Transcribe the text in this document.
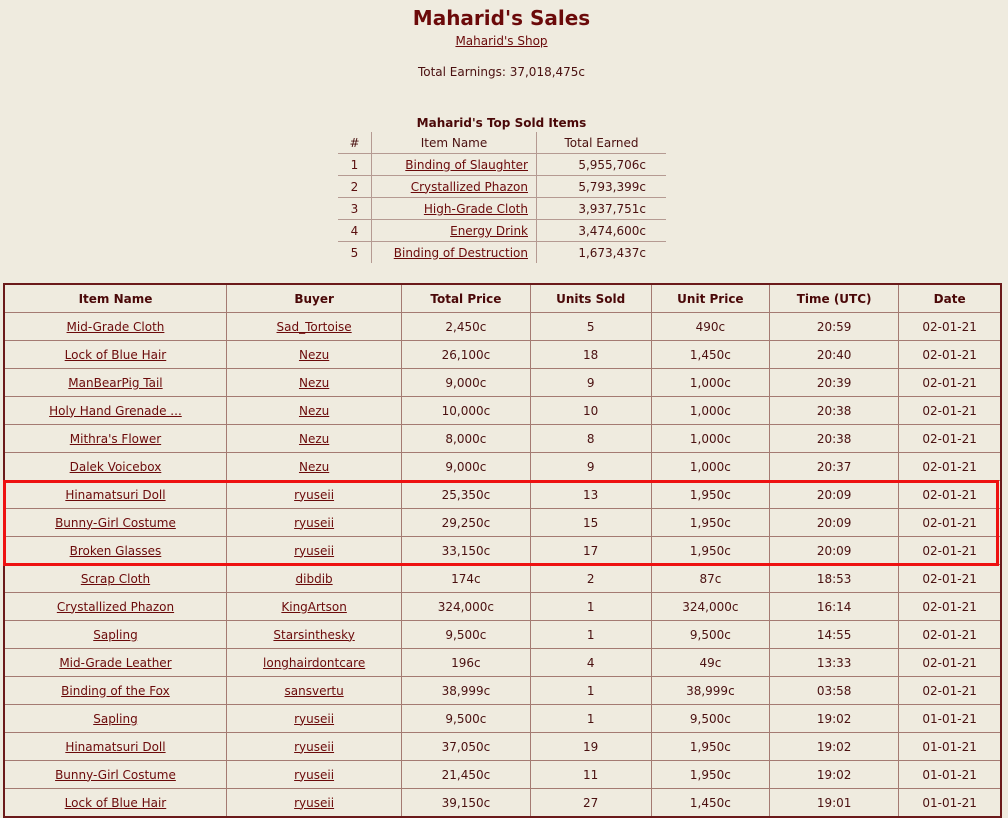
Maharid's Sales
Maharid's Shop
Total Earnings: 37,018,475c
Maharid's Top Sold Items
#	Item Name	Total Earned
1	Binding of Slaughter	5,955,706c
2	Crystallized Phazon	5,793,399c
3	High-Grade Cloth	3,937,751c
4	Energy Drink	3,474,600c
5	Binding of Destruction	1,673,437c
Item Name	Buyer	Total Price	Units Sold	Unit Price	Time (UTC)	Date
Mid-Grade Cloth	Sad_Tortoise	2,450c	5	490c	20:59	02-01-21
Lock of Blue Hair	Nezu	26,100c	18	1,450c	20:40	02-01-21
ManBearPig Tail	Nezu	9,000c	9	1,000c	20:39	02-01-21
Holy Hand Grenade ...	Nezu	10,000c	10	1,000c	20:38	02-01-21
Mithra's Flower	Nezu	8,000c	8	1,000c	20:38	02-01-21
Dalek Voicebox	Nezu	9,000c	9	1,000c	20:37	02-01-21
Hinamatsuri Doll	ryuseii	25,350c	13	1,950c	20:09	02-01-21
Bunny-Girl Costume	ryuseii	29,250c	15	1,950c	20:09	02-01-21
Broken Glasses	ryuseii	33,150c	17	1,950c	20:09	02-01-21
Scrap Cloth	dibdib	174c	2	87c	18:53	02-01-21
Crystallized Phazon	KingArtson	324,000c	1	324,000c	16:14	02-01-21
Sapling	Starsinthesky	9,500c	1	9,500c	14:55	02-01-21
Mid-Grade Leather	longhairdontcare	196c	4	49c	13:33	02-01-21
Binding of the Fox	sansvertu	38,999c	1	38,999c	03:58	02-01-21
Sapling	ryuseii	9,500c	1	9,500c	19:02	01-01-21
Hinamatsuri Doll	ryuseii	37,050c	19	1,950c	19:02	01-01-21
Bunny-Girl Costume	ryuseii	21,450c	11	1,950c	19:02	01-01-21
Lock of Blue Hair	ryuseii	39,150c	27	1,450c	19:01	01-01-21
